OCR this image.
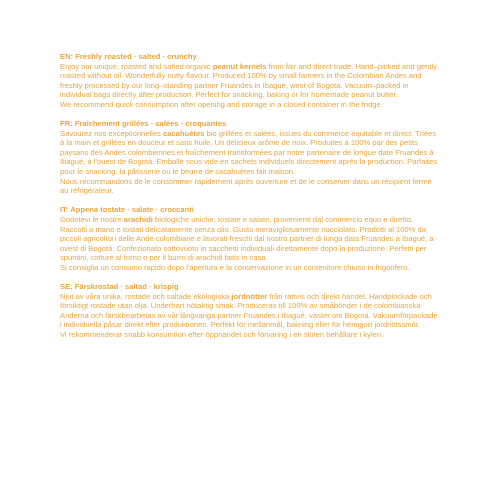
EN: Freshly roasted · salted · crunchy

Enjoy our unique, roasted and salted organic peanut kernels from fair and direct trade. Hand–picked and gently roasted without oil. Wonderfully nutty flavour. Produced 100% by small farmers in the Colombian Andes and freshly processed by our long–standing partner Fruandes in Ibagué, west of Bogotá. Vacuum–packed in individual bags directly after production. Perfect for snacking, baking or for homemade peanut butter.

We recommend quick consumption after opening and storage in a closed container in the fridge.

FR: Fraîchement grillées · salées · croquantes

Savourez nos exceptionnelles cacahuètes bio grillées et salées, issues du commerce équitable et direct. Triées à la main et grillées en douceur et sans huile. Un délicieux arôme de noix. Produites à 100% par des petits paysans des Andes colombiennes et fraîchement transformées par notre partenaire de longue date Fruandes à Ibagué, à l'ouest de Bogotá. Emballé sous vide en sachets individuels directement après la production. Parfaites pour le snacking, la pâtisserie ou le beurre de cacahuètes fait maison.

Nous recommandons de le consommer rapidement après ouverture et de le conserver dans un récipient fermé au réfrigérateur.

IT: Appena tostate · salate · croccanti

Godetevi le nostre arachidi biologiche uniche, tostate e salate, provenienti dal commercio equo e diretto. Raccolti a mano e tostati delicatamente senza olio. Gusto meravigliosamente nocciolato. Prodotti al 100% da piccoli agricoltori delle Ande colombiane e lavorati freschi dal nostro partner di lunga data Fruandes a Ibagué, a ovest di Bogotá. Confezionato sottovuoto in sacchetti individuali direttamente dopo la produzione. Perfetti per spuntini, cotture al forno o per il burro di arachidi fatto in casa.

Si consiglia un consumo rapido dopo l'apertura e la conservazione in un contenitore chiuso in frigorifero.

SE: Färskrostad · saltad · krispig

Njut av våra unika, rostade och saltade ekologiska jordnötter från rättvis och direkt handel. Handplockade och försiktigt rostade utan olja. Underbart nötaktig smak. Produceras till 100% av småbönder i de colombianska Anderna och färskbearbetas av vår långvariga partner Fruandes i Ibagué, väster om Bogotá. Vakuumförpackade i individuella påsar direkt efter produktionen. Perfekt för mellanmål, bakning eller för hemgjort jordnötssmör.

Vi rekommenderar snabb konsumtion efter öppnandet och förvaring i en sluten behållare i kylen.
